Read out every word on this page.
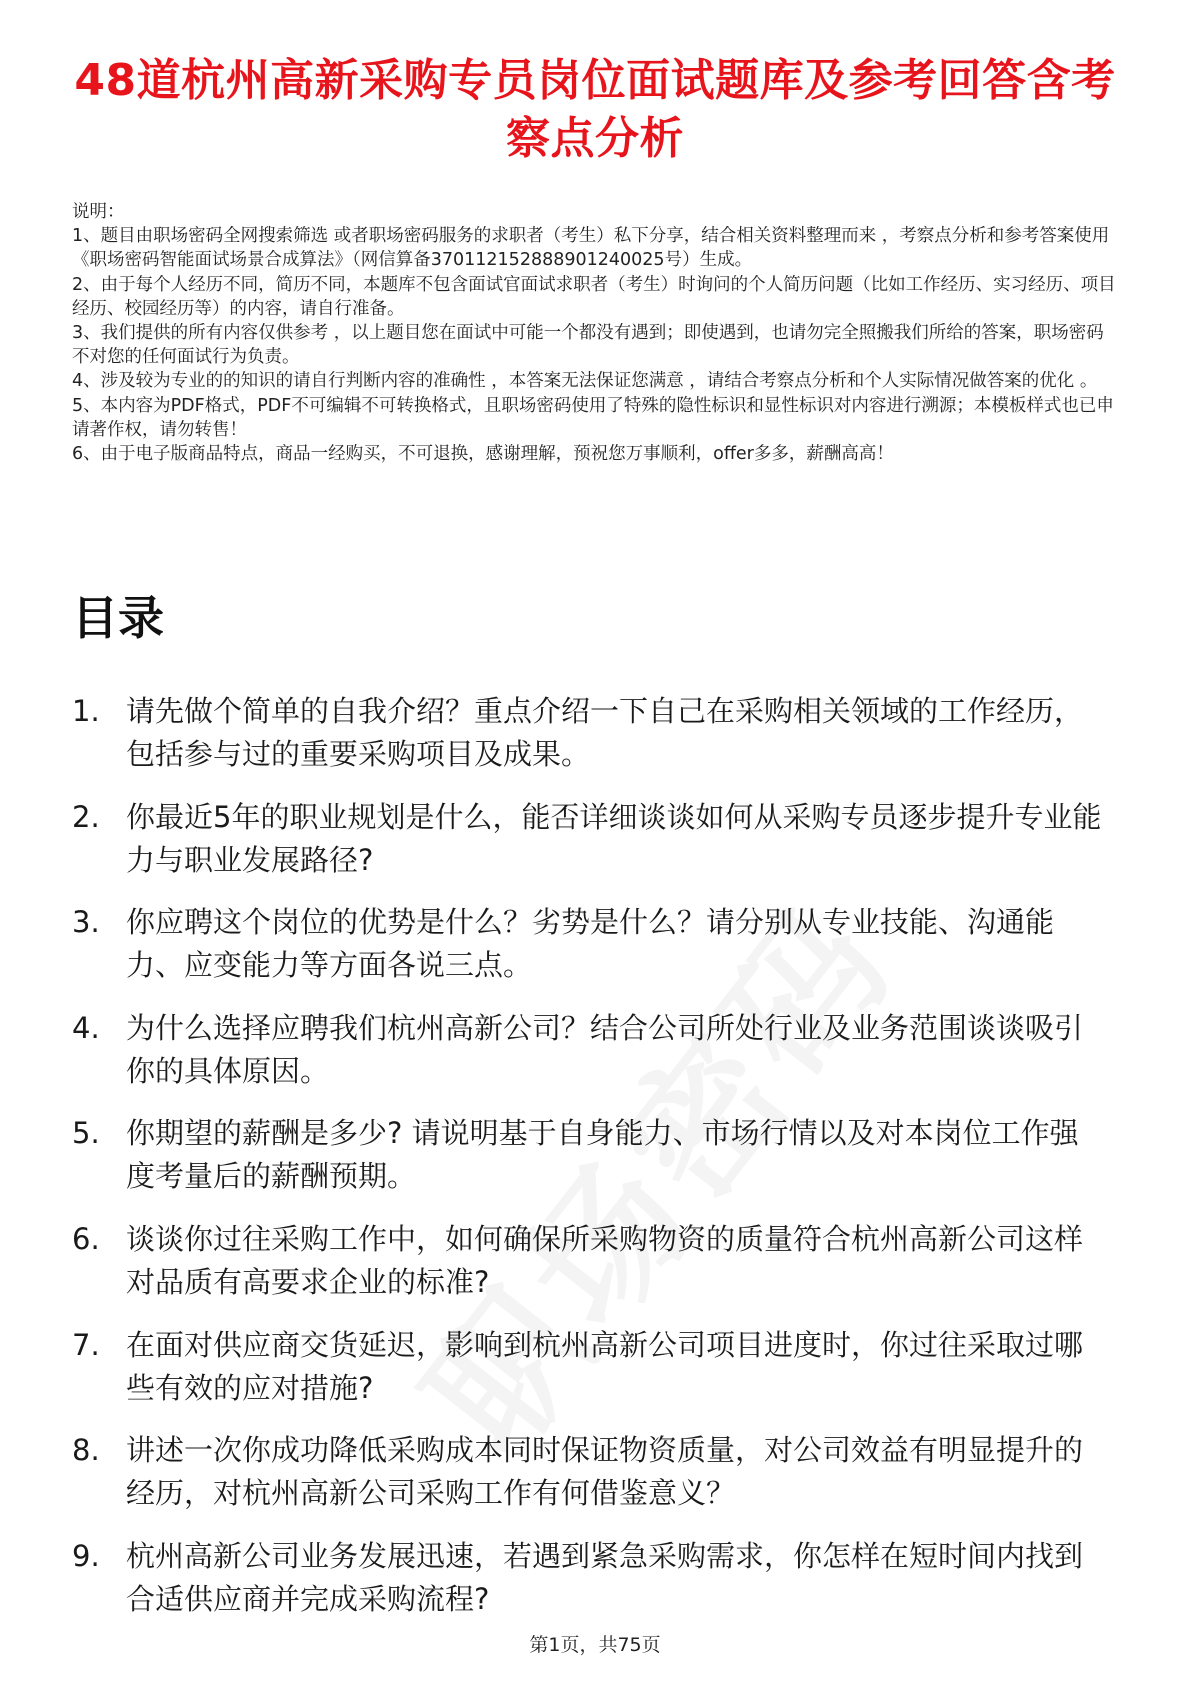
48道杭州高新采购专员岗位面试题库及参考回答含考察点分析

说明：

1、题目由职场密码全网搜索筛选 或者职场密码服务的求职者（考生）私下分享，结合相关资料整理而来 ，考察点分析和参考答案使用《职场密码智能面试场景合成算法》（网信算备370112152888901240025号）生成。

2、由于每个人经历不同，简历不同，本题库不包含面试官面试求职者（考生）时询问的个人简历问题（比如工作经历、实习经历、项目经历、校园经历等）的内容，请自行准备。

3、我们提供的所有内容仅供参考 ，以上题目您在面试中可能一个都没有遇到；即使遇到，也请勿完全照搬我们所给的答案，职场密码不对您的任何面试行为负责。

4、涉及较为专业的的知识的请自行判断内容的准确性 ，本答案无法保证您满意 ，请结合考察点分析和个人实际情况做答案的优化 。

5、本内容为PDF格式，PDF不可编辑不可转换格式，且职场密码使用了特殊的隐性标识和显性标识对内容进行溯源；本模板样式也已申请著作权，请勿转售！

6、由于电子版商品特点，商品一经购买，不可退换，感谢理解，预祝您万事顺利，offer多多，薪酬高高！

目录
1. 请先做个简单的自我介绍？重点介绍一下自己在采购相关领域的工作经历，包括参与过的重要采购项目及成果。
2. 你最近5年的职业规划是什么，能否详细谈谈如何从采购专员逐步提升专业能力与职业发展路径?
3. 你应聘这个岗位的优势是什么？劣势是什么？请分别从专业技能、沟通能力、应变能力等方面各说三点。
4. 为什么选择应聘我们杭州高新公司？结合公司所处行业及业务范围谈谈吸引你的具体原因。
5. 你期望的薪酬是多少? 请说明基于自身能力、市场行情以及对本岗位工作强度考量后的薪酬预期。
6. 谈谈你过往采购工作中，如何确保所采购物资的质量符合杭州高新公司这样对品质有高要求企业的标准?
7. 在面对供应商交货延迟，影响到杭州高新公司项目进度时，你过往采取过哪些有效的应对措施?
8. 讲述一次你成功降低采购成本同时保证物资质量，对公司效益有明显提升的经历，对杭州高新公司采购工作有何借鉴意义？
9. 杭州高新公司业务发展迅速，若遇到紧急采购需求，你怎样在短时间内找到合适供应商并完成采购流程?
第1页，共75页
